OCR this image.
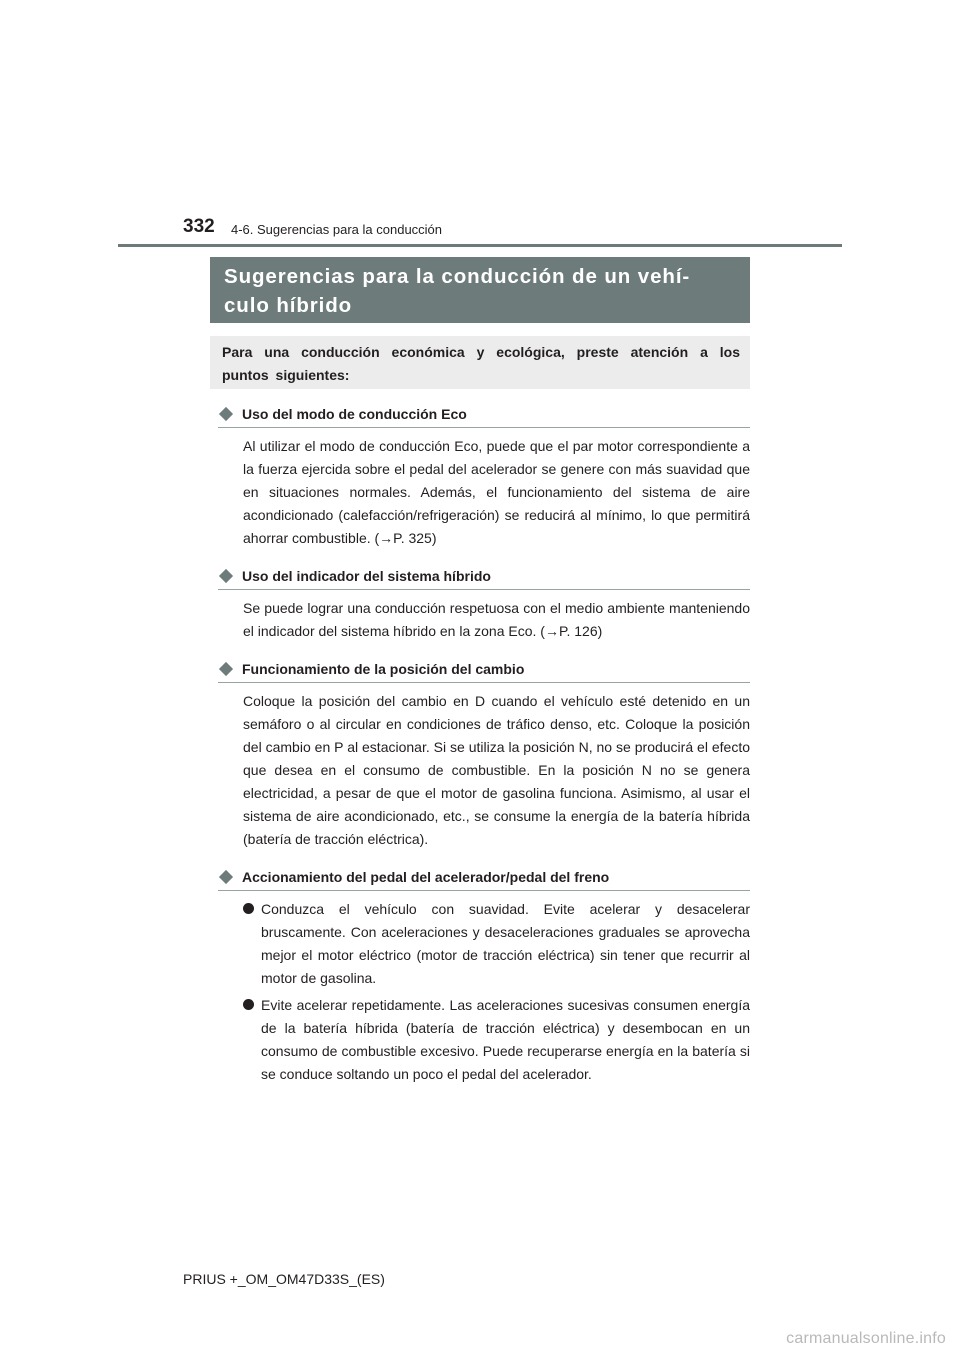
332 4-6. Sugerencias para la conducción
Sugerencias para la conducción de un vehí-
culo híbrido

Para una conducción económica y ecológica, preste atención a los puntos siguientes:

Uso del modo de conducción Eco

Al utilizar el modo de conducción Eco, puede que el par motor correspondiente a la fuerza ejercida sobre el pedal del acelerador se genere con más suavidad que en situaciones normales. Además, el funcionamiento del sistema de aire acondicionado (calefacción/refrigeración) se reducirá al mínimo, lo que permitirá ahorrar combustible. (→P. 325)

Uso del indicador del sistema híbrido

Se puede lograr una conducción respetuosa con el medio ambiente manteniendo el indicador del sistema híbrido en la zona Eco. (→P. 126)

Funcionamiento de la posición del cambio

Coloque la posición del cambio en D cuando el vehículo esté detenido en un semáforo o al circular en condiciones de tráfico denso, etc. Coloque la posición del cambio en P al estacionar. Si se utiliza la posición N, no se producirá el efecto que desea en el consumo de combustible. En la posición N no se genera electricidad, a pesar de que el motor de gasolina funciona. Asimismo, al usar el sistema de aire acondicionado, etc., se consume la energía de la batería híbrida (batería de tracción eléctrica).

Accionamiento del pedal del acelerador/pedal del freno
Conduzca el vehículo con suavidad. Evite acelerar y desacelerar bruscamente. Con aceleraciones y desaceleraciones graduales se aprovecha mejor el motor eléctrico (motor de tracción eléctrica) sin tener que recurrir al motor de gasolina.
Evite acelerar repetidamente. Las aceleraciones sucesivas consumen energía de la batería híbrida (batería de tracción eléctrica) y desembocan en un consumo de combustible excesivo. Puede recuperarse energía en la batería si se conduce soltando un poco el pedal del acelerador.
PRIUS +_OM_OM47D33S_(ES)
carmanualsonline.info
